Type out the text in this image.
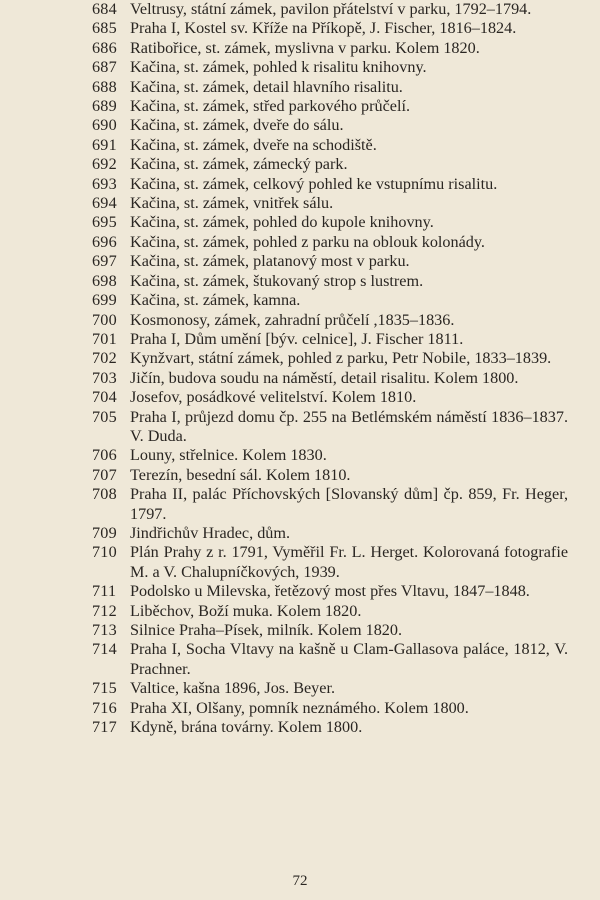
684 Veltrusy, státní zámek, pavilon přátelství v parku, 1792–1794.
685 Praha I, Kostel sv. Kříže na Příkopě, J. Fischer, 1816–1824.
686 Ratibořice, st. zámek, myslivna v parku. Kolem 1820.
687 Kačina, st. zámek, pohled k risalitu knihovny.
688 Kačina, st. zámek, detail hlavního risalitu.
689 Kačina, st. zámek, střed parkového průčelí.
690 Kačina, st. zámek, dveře do sálu.
691 Kačina, st. zámek, dveře na schodiště.
692 Kačina, st. zámek, zámecký park.
693 Kačina, st. zámek, celkový pohled ke vstupnímu risalitu.
694 Kačina, st. zámek, vnitřek sálu.
695 Kačina, st. zámek, pohled do kupole knihovny.
696 Kačina, st. zámek, pohled z parku na oblouk kolonády.
697 Kačina, st. zámek, platanový most v parku.
698 Kačina, st. zámek, štukovaný strop s lustrem.
699 Kačina, st. zámek, kamna.
700 Kosmonosy, zámek, zahradní průčelí ,1835–1836.
701 Praha I, Dům umění [býv. celnice], J. Fischer 1811.
702 Kynžvart, státní zámek, pohled z parku, Petr Nobile, 1833–1839.
703 Jičín, budova soudu na náměstí, detail risalitu. Kolem 1800.
704 Josefov, posádkové velitelství. Kolem 1810.
705 Praha I, průjezd domu čp. 255 na Betlémském náměstí 1836–1837. V. Duda.
706 Louny, střelnice. Kolem 1830.
707 Terezín, besední sál. Kolem 1810.
708 Praha II, palác Příchovských [Slovanský dům] čp. 859, Fr. Heger, 1797.
709 Jindřichův Hradec, dům.
710 Plán Prahy z r. 1791, Vyměřil Fr. L. Herget. Kolorovaná fotografie M. a V. Chalupníčkových, 1939.
711 Podolsko u Milevska, řetězový most přes Vltavu, 1847–1848.
712 Liběchov, Boží muka. Kolem 1820.
713 Silnice Praha–Písek, milník. Kolem 1820.
714 Praha I, Socha Vltavy na kašně u Clam-Gallasova paláce, 1812, V. Prachner.
715 Valtice, kašna 1896, Jos. Beyer.
716 Praha XI, Olšany, pomník neznámého. Kolem 1800.
717 Kdyně, brána továrny. Kolem 1800.
72
